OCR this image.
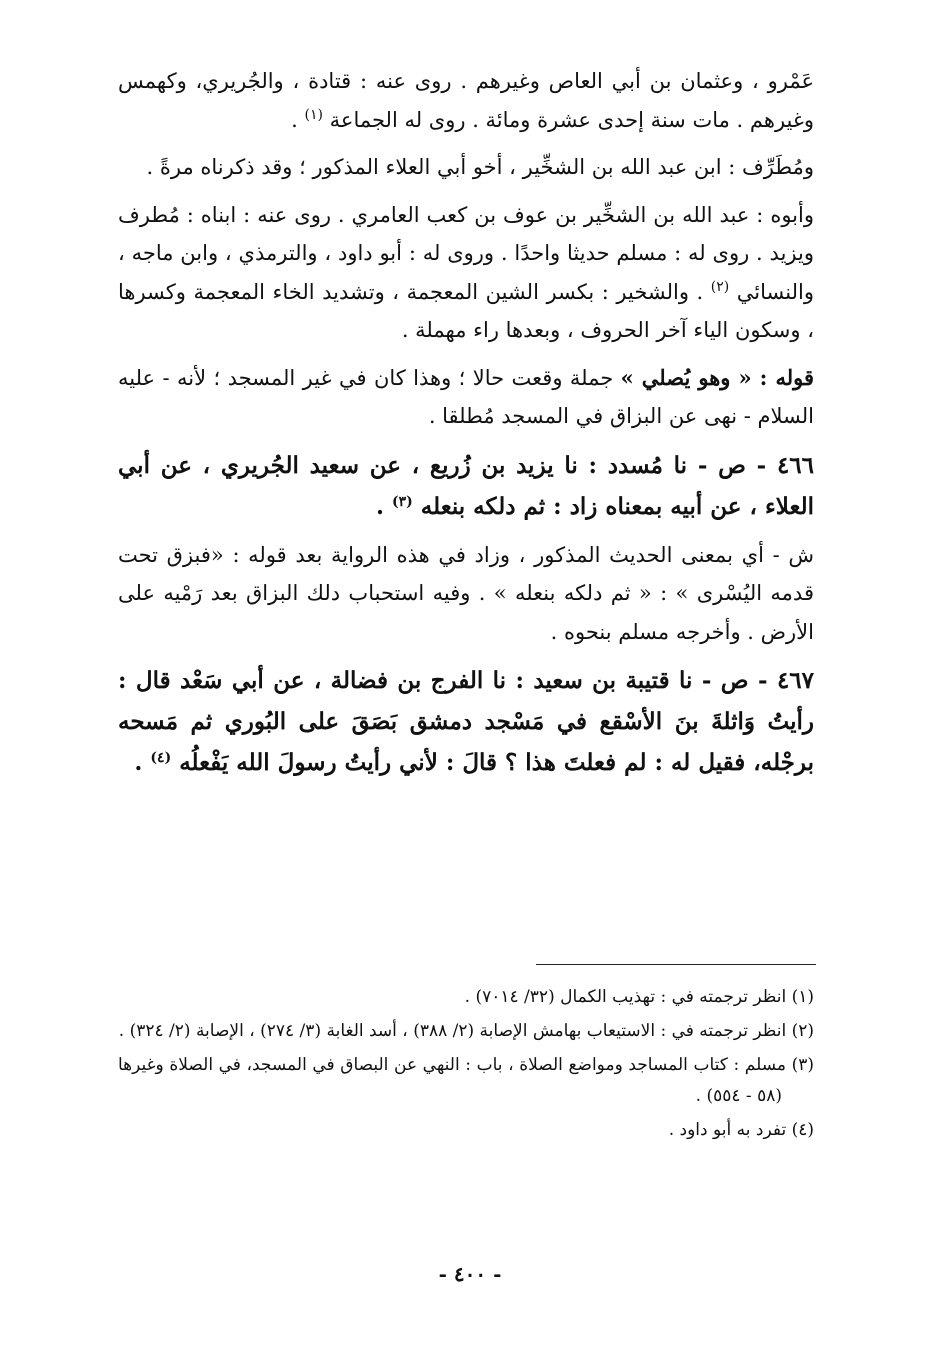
عَمْرو ، وعثمان بن أبي العاص وغيرهم . روى عنه : قتادة ، والجُريري، وكهمس وغيرهم . مات سنة إحدى عشرة ومائة . روى له الجماعة $^{(١)}$ .

ومُطَرِّف : ابن عبد الله بن الشخِّير ، أخو أبي العلاء المذكور ؛ وقد ذكرناه مرةً .

وأبوه : عبد الله بن الشخِّير بن عوف بن كعب العامري . روى عنه : ابناه : مُطرف ويزيد . روى له : مسلم حديثا واحدًا . وروى له : أبو داود ، والترمذي ، وابن ماجه ، والنسائي $^{(٢)}$ . والشخير : بكسر الشين المعجمة ، وتشديد الخاء المعجمة وكسرها ، وسكون الياء آخر الحروف ، وبعدها راء مهملة .

قوله : « وهو يُصلي » جملة وقعت حالا ؛ وهذا كان في غير المسجد ؛ لأنه - عليه السلام - نهى عن البزاق في المسجد مُطلقا .

٤٦٦ - ص - نا مُسدد : نا يزيد بن زُريع ، عن سعيد الجُريري ، عن أبي العلاء ، عن أبيه بمعناه زاد : ثم دلكه بنعله $^{(٣)}$ .

ش - أي بمعنى الحديث المذكور ، وزاد في هذه الرواية بعد قوله : «فبزق تحت قدمه اليُسْرى » : « ثم دلكه بنعله » . وفيه استحباب دلك البزاق بعد رَمْيه على الأرض . وأخرجه مسلم بنحوه .

٤٦٧ - ص - نا قتيبة بن سعيد : نا الفرج بن فضالة ، عن أبي سَعْد قال : رأيتُ وَاثلةَ بنَ الأسْقع في مَسْجد دمشق بَصَقَ على البُوري ثم مَسحه برجْله، فقيل له : لم فعلتَ هذا ؟ قالَ : لأني رأيتُ رسولَ الله يَفْعلُه $^{(٤)}$ .

(١) انظر ترجمته في : تهذيب الكمال (٣٢/ ٧٠١٤) .

(٢) انظر ترجمته في : الاستيعاب بهامش الإصابة (٢/ ٣٨٨) ، أسد الغابة (٣/ ٢٧٤) ، الإصابة (٢/ ٣٢٤) .

(٣) مسلم : كتاب المساجد ومواضع الصلاة ، باب : النهي عن البصاق في المسجد، في الصلاة وغيرها (٥٨ - ٥٥٤) .

(٤) تفرد به أبو داود .

- ٤٠٠ -
